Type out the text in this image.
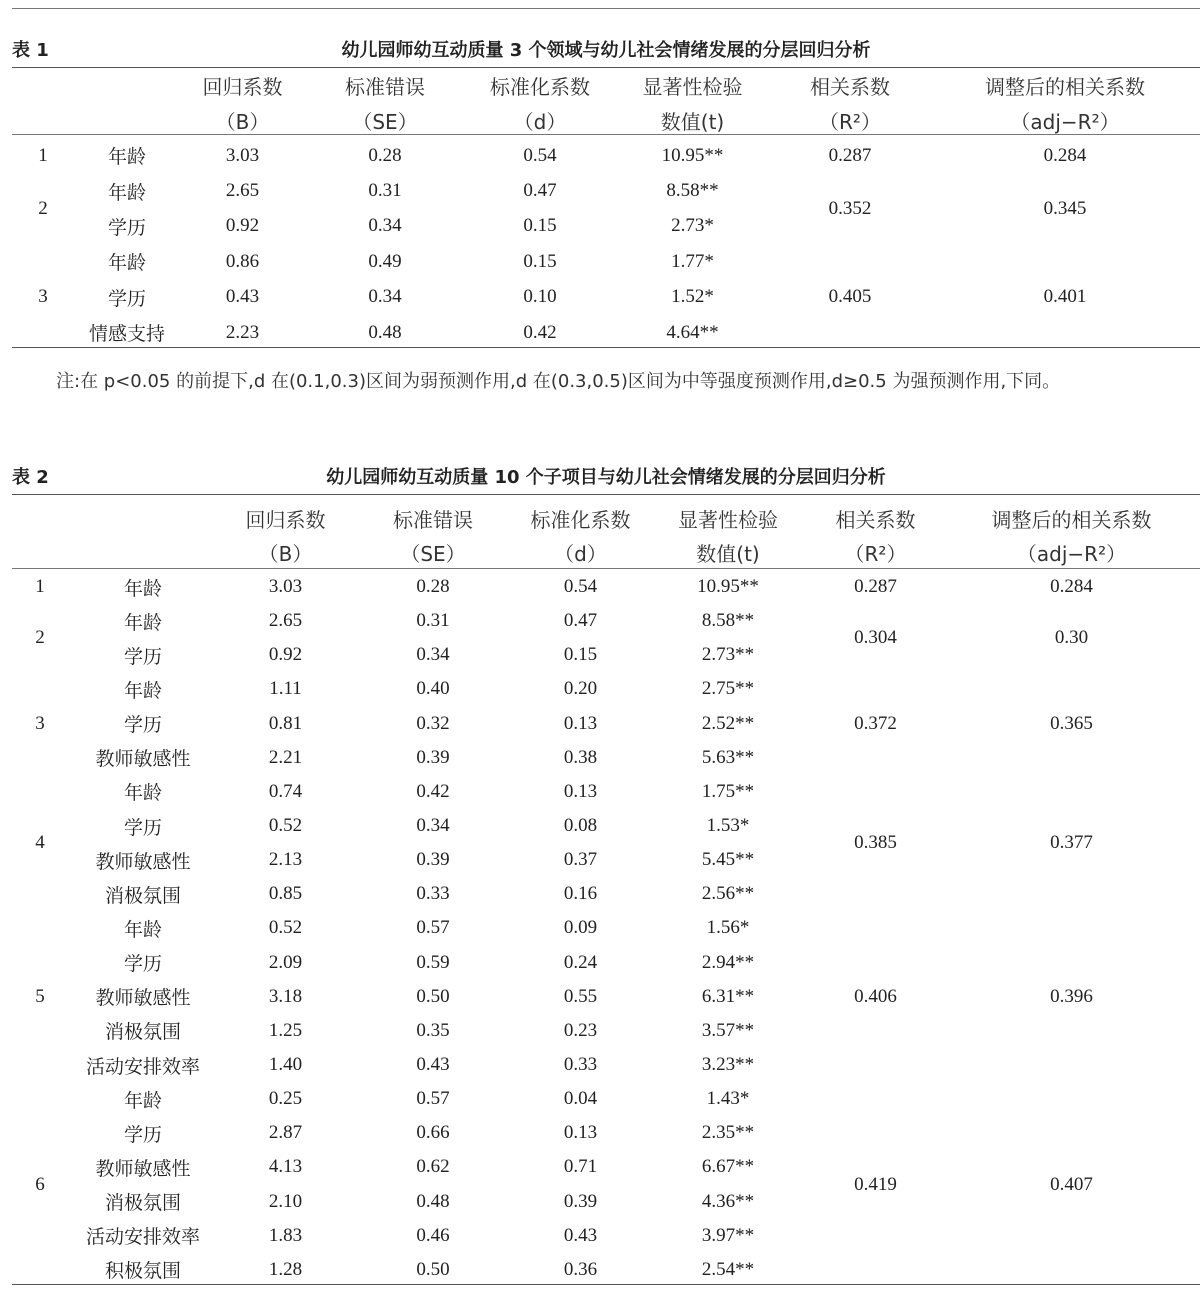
表 1	幼儿园师幼互动质量 3 个领域与幼儿社会情绪发展的分层回归分析
		回归系数	标准错误	标准化系数	显著性检验	相关系数	调整后的相关系数
		（B）	（SE）	（d）	数值(t)	（R²）	（adj−R²）
1	年龄	3.03	0.28	0.54	10.95**	0.287	0.284
2	年龄	2.65	0.31	0.47	8.58**	0.352	0.345
	学历	0.92	0.34	0.15	2.73*		
3	年龄	0.86	0.49	0.15	1.77*	0.405	0.401
	学历	0.43	0.34	0.10	1.52*		
	情感支持	2.23	0.48	0.42	4.64**		
注:在 p<0.05 的前提下,d 在(0.1,0.3)区间为弱预测作用,d 在(0.3,0.5)区间为中等强度预测作用,d≥0.5 为强预测作用,下同。
表 2	幼儿园师幼互动质量 10 个子项目与幼儿社会情绪发展的分层回归分析
		回归系数	标准错误	标准化系数	显著性检验	相关系数	调整后的相关系数
		（B）	（SE）	（d）	数值(t)	（R²）	（adj−R²）
1	年龄	3.03	0.28	0.54	10.95**	0.287	0.284
2	年龄	2.65	0.31	0.47	8.58**	0.304	0.30
	学历	0.92	0.34	0.15	2.73**		
3	年龄	1.11	0.40	0.20	2.75**	0.372	0.365
	学历	0.81	0.32	0.13	2.52**		
	教师敏感性	2.21	0.39	0.38	5.63**		
4	年龄	0.74	0.42	0.13	1.75**	0.385	0.377
	学历	0.52	0.34	0.08	1.53*		
	教师敏感性	2.13	0.39	0.37	5.45**		
	消极氛围	0.85	0.33	0.16	2.56**		
5	年龄	0.52	0.57	0.09	1.56*	0.406	0.396
	学历	2.09	0.59	0.24	2.94**		
	教师敏感性	3.18	0.50	0.55	6.31**		
	消极氛围	1.25	0.35	0.23	3.57**		
	活动安排效率	1.40	0.43	0.33	3.23**		
6	年龄	0.25	0.57	0.04	1.43*	0.419	0.407
	学历	2.87	0.66	0.13	2.35**		
	教师敏感性	4.13	0.62	0.71	6.67**		
	消极氛围	2.10	0.48	0.39	4.36**		
	活动安排效率	1.83	0.46	0.43	3.97**		
	积极氛围	1.28	0.50	0.36	2.54**		
